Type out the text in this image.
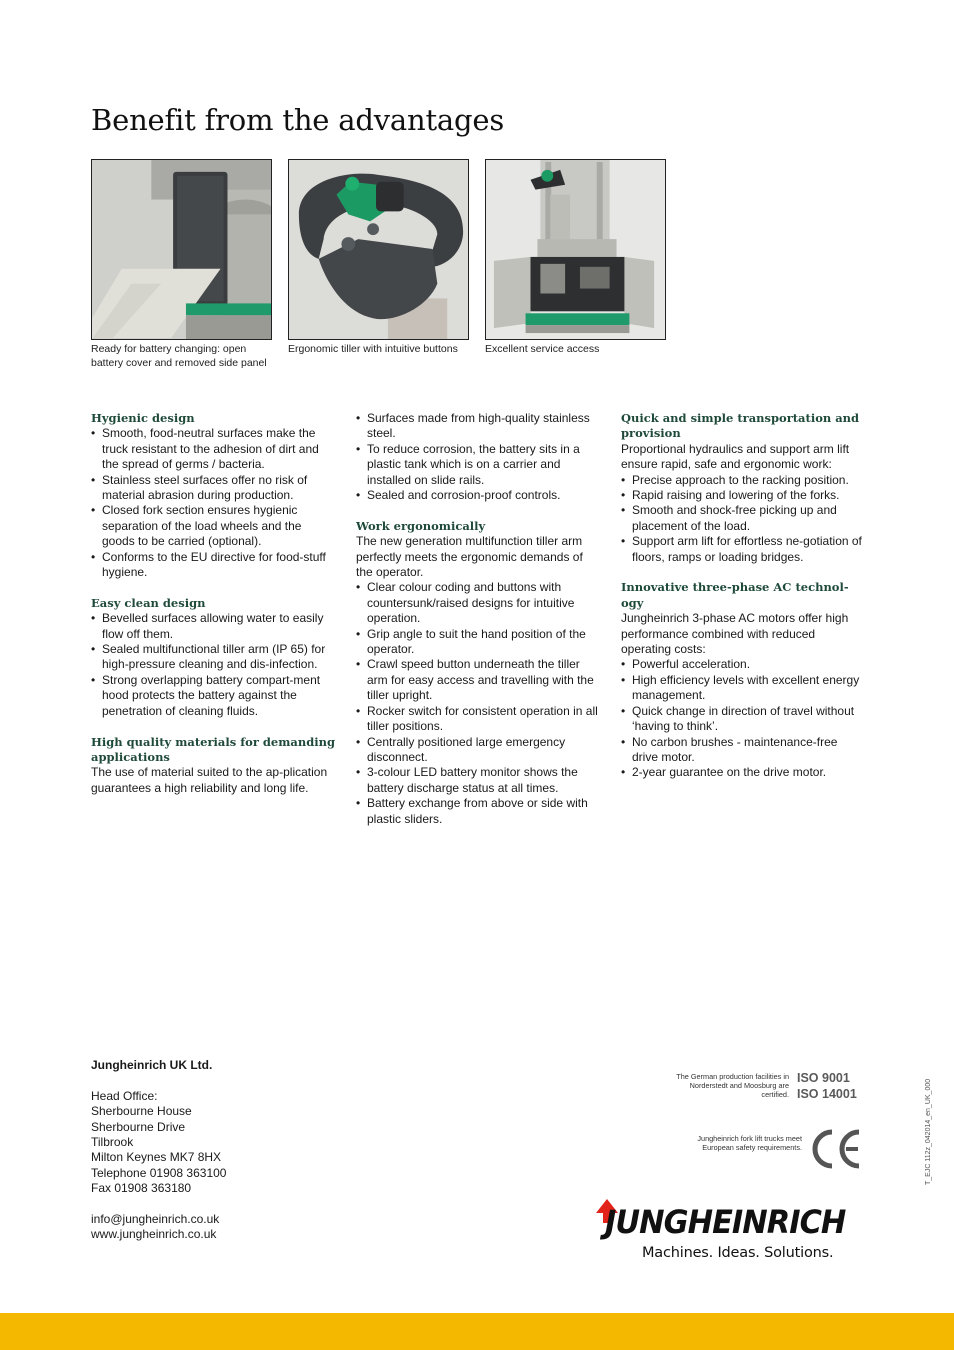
Benefit from the advantages
Ready for battery changing: open battery cover and removed side panel
Ergonomic tiller with intuitive buttons	Excellent service access
Hygienic design
• Smooth, food-neutral surfaces make the truck resistant to the adhesion of dirt and the spread of germs / bacteria.
• Stainless steel surfaces offer no risk of material abrasion during production.
• Closed fork section ensures hygienic separation of the load wheels and the goods to be carried (optional).
• Conforms to the EU directive for food-stuff hygiene.
Easy clean design
• Bevelled surfaces allowing water to easily flow off them.
• Sealed multifunctional tiller arm (IP 65) for high-pressure cleaning and dis-infection.
• Strong overlapping battery compart-ment hood protects the battery against the penetration of cleaning fluids.
High quality materials for demanding applications

The use of material suited to the ap-plication guarantees a high reliability and long life.

• Surfaces made from high-quality stainless steel.
• To reduce corrosion, the battery sits in a plastic tank which is on a carrier and installed on slide rails.
• Sealed and corrosion-proof controls.
Work ergonomically

The new generation multifunction tiller arm perfectly meets the ergonomic demands of the operator.

• Clear colour coding and buttons with countersunk/raised designs for intuitive operation.
• Grip angle to suit the hand position of the operator.
• Crawl speed button underneath the tiller arm for easy access and travelling with the tiller upright.
• Rocker switch for consistent operation in all tiller positions.
• Centrally positioned large emergency disconnect.
• 3-colour LED battery monitor shows the battery discharge status at all times.
• Battery exchange from above or side with plastic sliders.
Quick and simple transportation and provision

Proportional hydraulics and support arm lift ensure rapid, safe and ergonomic work:

• Precise approach to the racking position.
• Rapid raising and lowering of the forks.
• Smooth and shock-free picking up and placement of the load.
• Support arm lift for effortless ne-gotiation of floors, ramps or loading bridges.
Innovative three-phase AC technol-ogy

Jungheinrich 3-phase AC motors offer high performance combined with reduced operating costs:

• Powerful acceleration.
• High efficiency levels with excellent energy management.
• Quick change in direction of travel without ‘having to think’.
• No carbon brushes - maintenance-free drive motor.
• 2-year guarantee on the drive motor.
Jungheinrich UK Ltd.
Head Office:
Sherbourne House
Sherbourne Drive
Tilbrook
Milton Keynes MK7 8HX
Telephone 01908 363100
Fax 01908 363180
info@jungheinrich.co.uk
www.jungheinrich.co.uk
The German production facilities in Norderstedt and Moosburg are certified.
ISO 9001
ISO 14001
Jungheinrich fork lift trucks meet European safety requirements.	T_EJC 112z_042014_en_UK_000
JUNGHEINRICH
Machines. Ideas. Solutions.
